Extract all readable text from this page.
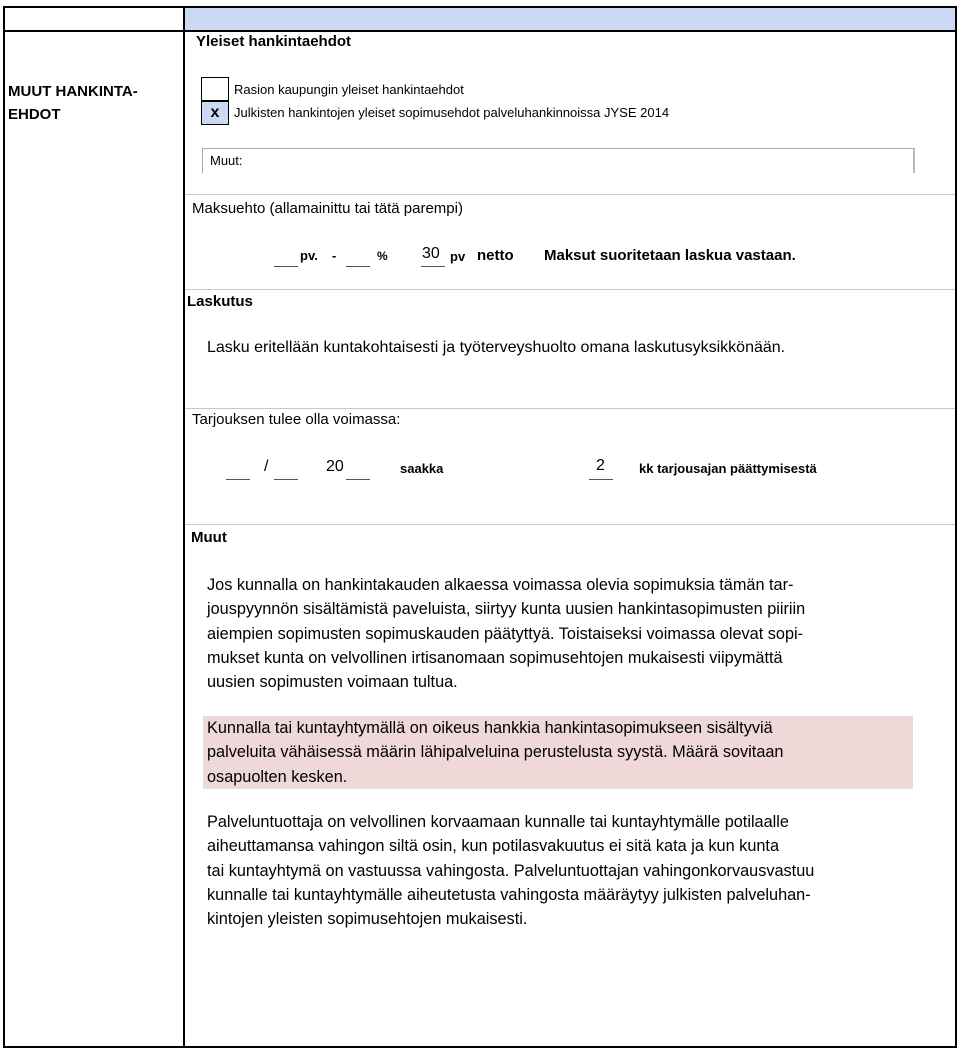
MUUT HANKINTA-
EHDOT
Yleiset hankintaehdot
Rasion kaupungin yleiset hankintaehdot
x	Julkisten hankintojen yleiset sopimusehdot palveluhankinnoissa JYSE 2014
Muut:
Maksuehto (allamainittu tai tätä parempi)
pv. -	% 30 pv netto Maksut suoritetaan laskua vastaan.
Laskutus
Lasku eritellään kuntakohtaisesti ja työterveyshuolto omana laskutusyksikkönään.
Tarjouksen tulee olla voimassa:
/	20	saakka	2	kk tarjousajan päättymisestä
Muut
Jos kunnalla on hankintakauden alkaessa voimassa olevia sopimuksia tämän tar-
jouspyynnön sisältämistä paveluista, siirtyy kunta uusien hankintasopimusten piiriin
aiempien sopimusten sopimuskauden päätyttyä. Toistaiseksi voimassa olevat sopi-
mukset kunta on velvollinen irtisanomaan sopimusehtojen mukaisesti viipymättä
uusien sopimusten voimaan tultua.
Kunnalla tai kuntayhtymällä on oikeus hankkia hankintasopimukseen sisältyviä
palveluita vähäisessä määrin lähipalveluina perustelusta syystä. Määrä sovitaan
osapuolten kesken.
Palveluntuottaja on velvollinen korvaamaan kunnalle tai kuntayhtymälle potilaalle
aiheuttamansa vahingon siltä osin, kun potilasvakuutus ei sitä kata ja kun kunta
tai kuntayhtymä on vastuussa vahingosta. Palveluntuottajan vahingonkorvausvastuu
kunnalle tai kuntayhtymälle aiheutetusta vahingosta määräytyy julkisten palveluhan-
kintojen yleisten sopimusehtojen mukaisesti.
